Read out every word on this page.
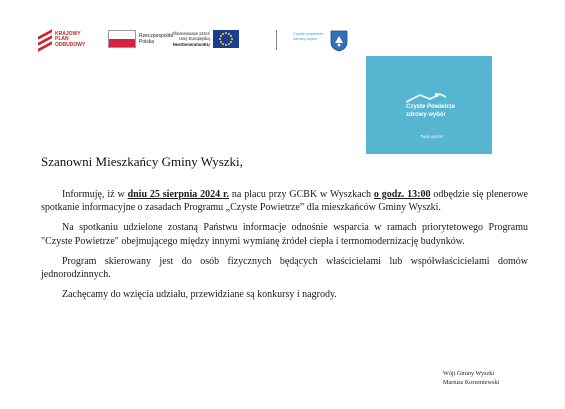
KRAJOWY
PLAN
ODBUDOWY
Rzeczpospolita
Polska
Sfinansowane przez
Unię Europejską
NextGenerationEU
Czyste powietrze
zdrowy wybór
Czyste Powietrze
zdrowy wybór
Twój wybór!
Szanowni Mieszkańcy Gminy Wyszki,

Informuję, iż w dniu 25 sierpnia 2024 r. na placu przy GCBK w Wyszkach o godz. 13:00 odbędzie się plenerowe spotkanie informacyjne o zasadach Programu „Czyste Powietrze” dla mieszkańców Gminy Wyszki.

Na spotkaniu udzielone zostaną Państwu informacje odnośnie wsparcia w ramach priorytetowego Programu "Czyste Powietrze" obejmującego między innymi wymianę źródeł ciepła i termomodernizację budynków.

Program skierowany jest do osób fizycznych będących właścicielami lub współwłaścicielami domów jednorodzinnych.

Zachęcamy do wzięcia udziału, przewidziane są konkursy i nagrody.

Wójt Gminy Wyszki
Mariusz Korzeniewski
